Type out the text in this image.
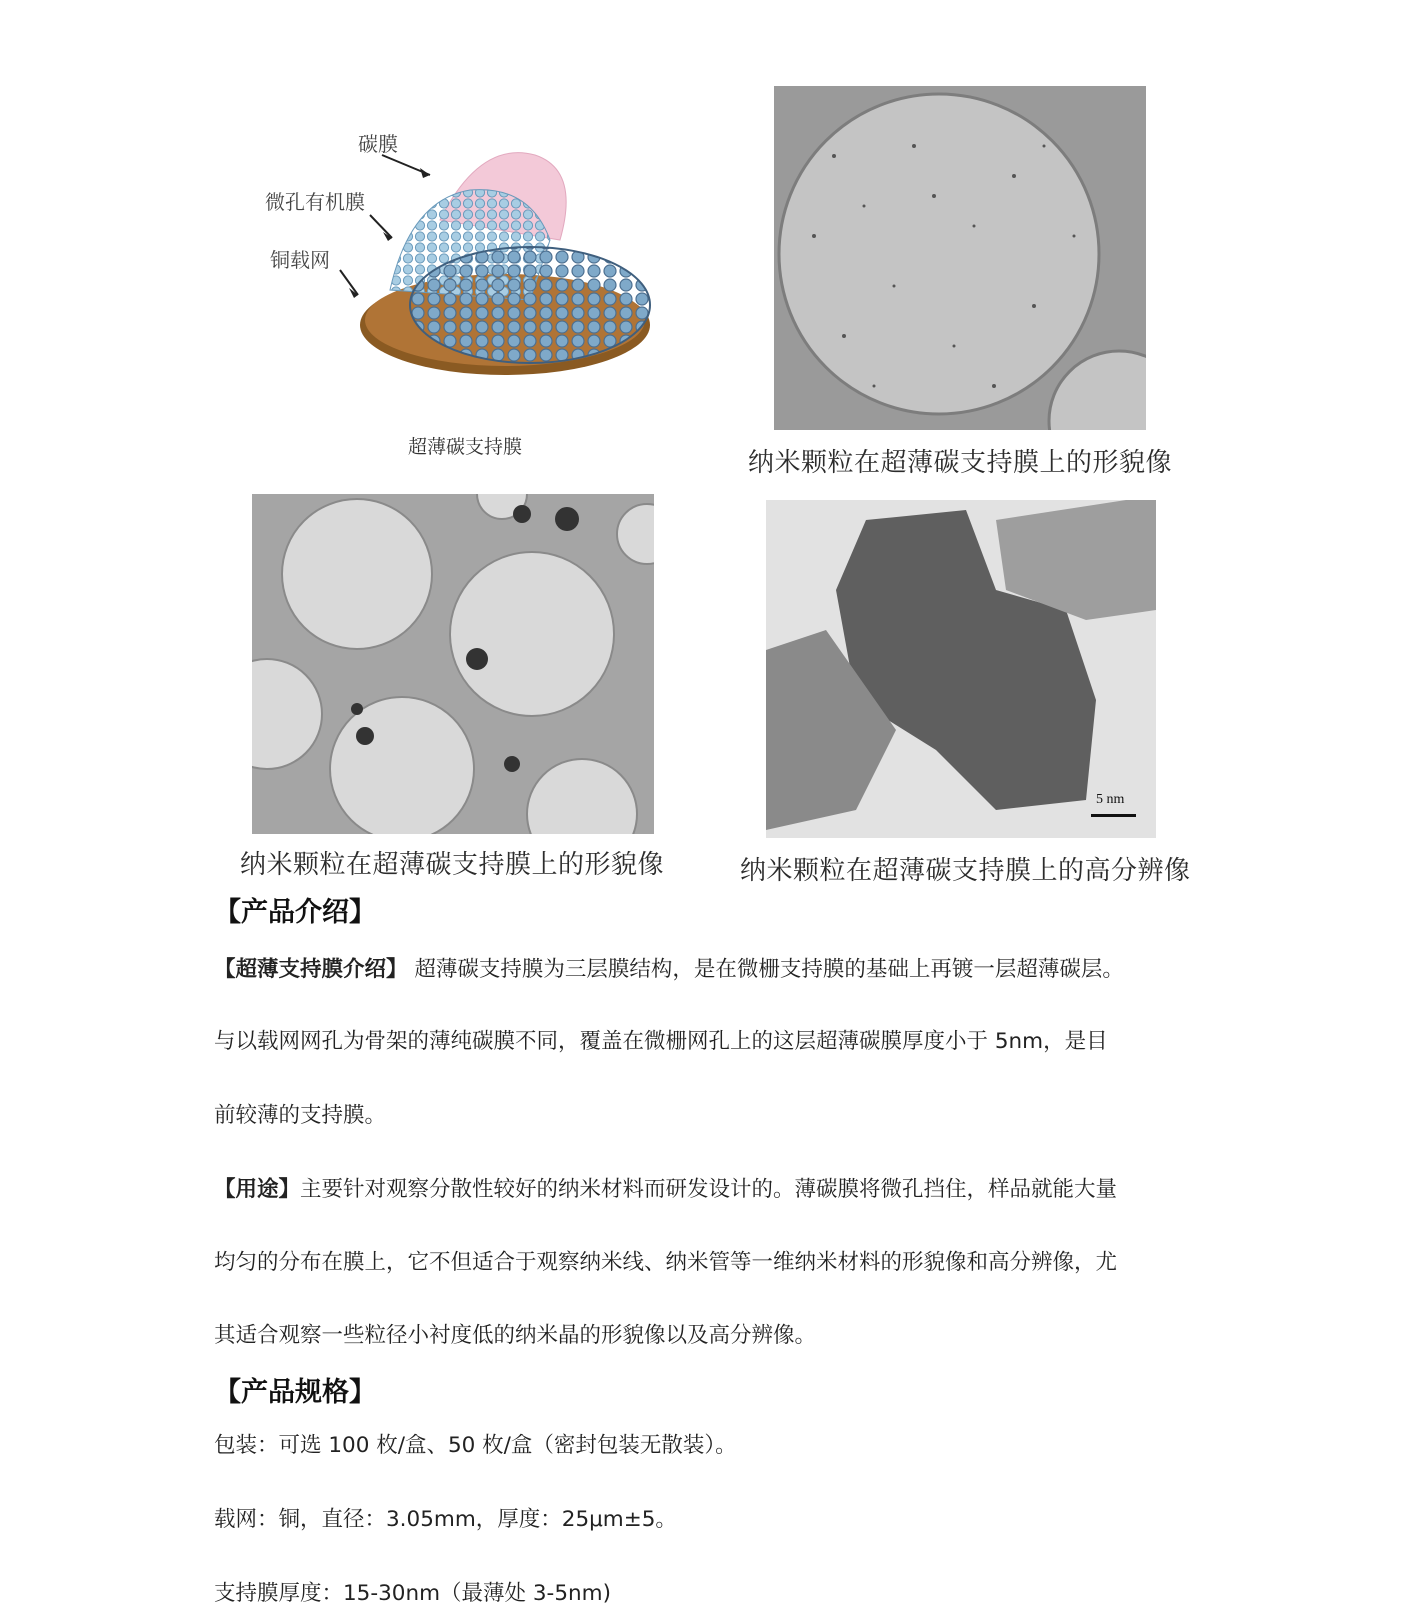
碳膜
微孔有机膜
铜载网
超薄碳支持膜
纳米颗粒在超薄碳支持膜上的形貌像
纳米颗粒在超薄碳支持膜上的形貌像
5 nm
纳米颗粒在超薄碳支持膜上的高分辨像
【产品介绍】
【超薄支持膜介绍】 超薄碳支持膜为三层膜结构，是在微栅支持膜的基础上再镀一层超薄碳层。
与以载网网孔为骨架的薄纯碳膜不同，覆盖在微栅网孔上的这层超薄碳膜厚度小于 5nm，是目
前较薄的支持膜。
【用途】主要针对观察分散性较好的纳米材料而研发设计的。薄碳膜将微孔挡住，样品就能大量
均匀的分布在膜上，它不但适合于观察纳米线、纳米管等一维纳米材料的形貌像和高分辨像，尤
其适合观察一些粒径小衬度低的纳米晶的形貌像以及高分辨像。
【产品规格】
包装：可选 100 枚/盒、50 枚/盒（密封包装无散装）。
载网：铜，直径：3.05mm，厚度：25μm±5。
支持膜厚度：15-30nm（最薄处 3-5nm)
